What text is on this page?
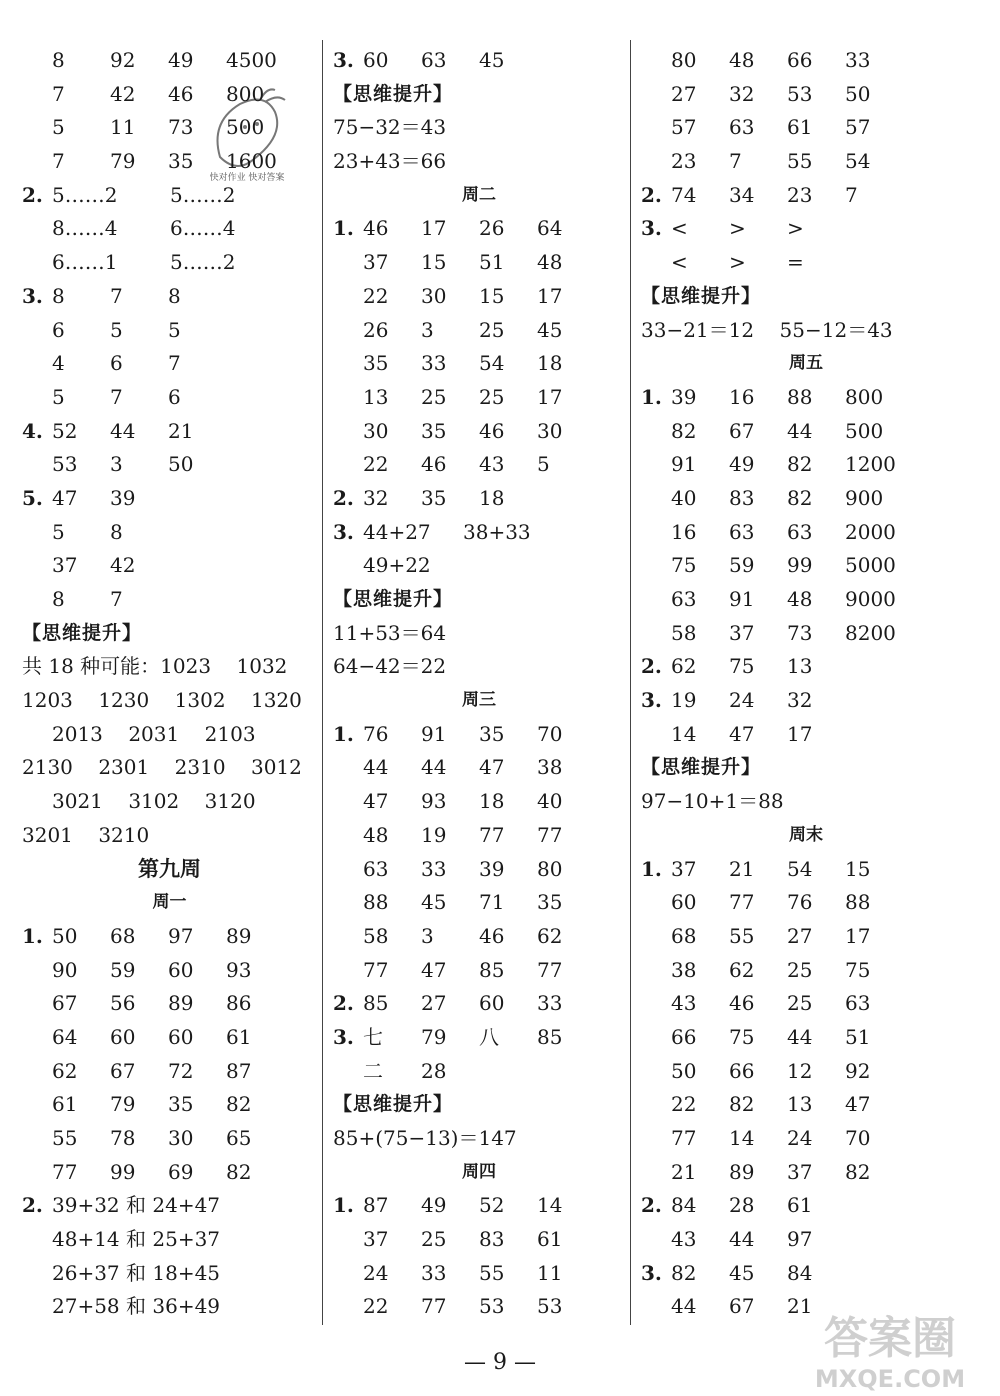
快对作业 快对答案
8 92 49 4500
7 42 46 800
5 11 73 500
7 79 35 1600
2. 5……2	5……2
8……4	6……4
6……1	5……2
3. 8 7 8
6 5 5
4 6 7
5 7 6
4. 52 44 21
53 3 50
5. 47 39
5 8
37 42
8 7
【思维提升】
共 18 种可能：1023    1032
1203    1230    1302    1320
2013    2031    2103
2130    2301    2310    3012
3021    3102    3120
3201    3210
第九周
周一
1. 50 68 97 89
90 59 60 93
67 56 89 86
64 60 60 61
62 67 72 87
61 79 35 82
55 78 30 65
77 99 69 82
2. 39+32 和 24+47
48+14 和 25+37
26+37 和 18+45
27+58 和 36+49
3. 60 63 45
【思维提升】
75−32＝43
23+43＝66
周二
1. 46 17 26 64
37 15 51 48
22 30 15 17
26 3 25 45
35 33 54 18
13 25 25 17
30 35 46 30
22 46 43 5
2. 32 35 18
3. 44+27 38+33
49+22
【思维提升】
11+53＝64
64−42＝22
周三
1. 76 91 35 70
44 44 47 38
47 93 18 40
48 19 77 77
63 33 39 80
88 45 71 35
58 3 46 62
77 47 85 77
2. 85 27 60 33
3. 七 79 八 85
二 28
【思维提升】
85+(75−13)＝147
周四
1. 87 49 52 14
37 25 83 61
24 33 55 11
22 77 53 53
80 48 66 33
27 32 53 50
57 63 61 57
23 7 55 54
2. 74 34 23 7
3. < > >
< > =
【思维提升】
33−21＝12    55−12＝43
周五
1. 39 16 88 800
82 67 44 500
91 49 82 1200
40 83 82 900
16 63 63 2000
75 59 99 5000
63 91 48 9000
58 37 73 8200
2. 62 75 13
3. 19 24 32
14 47 17
【思维提升】
97−10+1＝88
周末
1. 37 21 54 15
60 77 76 88
68 55 27 17
38 62 25 75
43 46 25 63
66 75 44 51
50 66 12 92
22 82 13 47
77 14 24 70
21 89 37 82
2. 84 28 61
43 44 97
3. 82 45 84
44 67 21
答案圈
MXQE.COM
— 9 —
